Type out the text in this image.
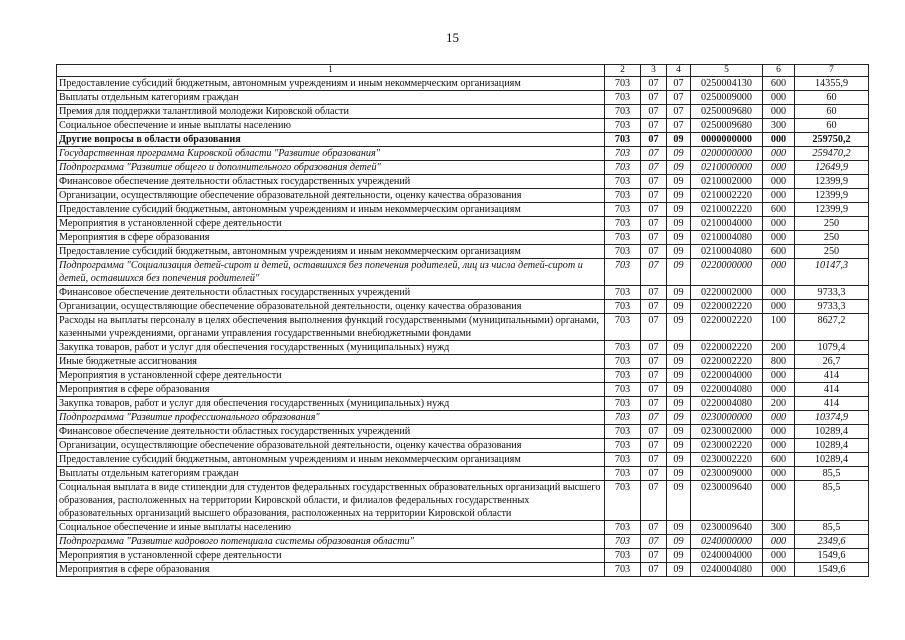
15
1	2	3	4	5	6	7
Предоставление субсидий бюджетным, автономным учреждениям и иным некоммерческим организациям	703	07	07	0250004130	600	14355,9
Выплаты отдельным категориям граждан	703	07	07	0250009000	000	60
Премия для поддержки талантливой молодежи Кировской области	703	07	07	0250009680	000	60
Социальное обеспечение и иные выплаты населению	703	07	07	0250009680	300	60
Другие вопросы в области образования	703	07	09	0000000000	000	259750,2
Государственная программа Кировской области "Развитие образования"	703	07	09	0200000000	000	259470,2
Подпрограмма "Развитие общего и дополнительного образования детей"	703	07	09	0210000000	000	12649,9
Финансовое обеспечение деятельности областных государственных учреждений	703	07	09	0210002000	000	12399,9
Организации, осуществляющие обеспечение образовательной деятельности, оценку качества образования	703	07	09	0210002220	000	12399,9
Предоставление субсидий бюджетным, автономным учреждениям и иным некоммерческим организациям	703	07	09	0210002220	600	12399,9
Мероприятия в установленной сфере деятельности	703	07	09	0210004000	000	250
Мероприятия в сфере образования	703	07	09	0210004080	000	250
Предоставление субсидий бюджетным, автономным учреждениям и иным некоммерческим организациям	703	07	09	0210004080	600	250
Подпрограмма "Социализация детей-сирот и детей, оставшихся без попечения родителей, лиц из числа детей-сирот и детей, оставшихся без попечения родителей"	703	07	09	0220000000	000	10147,3
Финансовое обеспечение деятельности областных государственных учреждений	703	07	09	0220002000	000	9733,3
Организации, осуществляющие обеспечение образовательной деятельности, оценку качества образования	703	07	09	0220002220	000	9733,3
Расходы на выплаты персоналу в целях обеспечения выполнения функций государственными (муниципальными) органами, казенными учреждениями, органами управления государственными внебюджетными фондами	703	07	09	0220002220	100	8627,2
Закупка товаров, работ и услуг для обеспечения государственных (муниципальных) нужд	703	07	09	0220002220	200	1079,4
Иные бюджетные ассигнования	703	07	09	0220002220	800	26,7
Мероприятия в установленной сфере деятельности	703	07	09	0220004000	000	414
Мероприятия в сфере образования	703	07	09	0220004080	000	414
Закупка товаров, работ и услуг для обеспечения государственных (муниципальных) нужд	703	07	09	0220004080	200	414
Подпрограмма "Развитие профессионального образования"	703	07	09	0230000000	000	10374,9
Финансовое обеспечение деятельности областных государственных учреждений	703	07	09	0230002000	000	10289,4
Организации, осуществляющие обеспечение образовательной деятельности, оценку качества образования	703	07	09	0230002220	000	10289,4
Предоставление субсидий бюджетным, автономным учреждениям и иным некоммерческим организациям	703	07	09	0230002220	600	10289,4
Выплаты отдельным категориям граждан	703	07	09	0230009000	000	85,5
Социальная выплата в виде стипендии для студентов федеральных государственных образовательных организаций высшего образования, расположенных на территории Кировской области, и филиалов федеральных государственных образовательных организаций высшего образования, расположенных на территории Кировской области	703	07	09	0230009640	000	85,5
Социальное обеспечение и иные выплаты населению	703	07	09	0230009640	300	85,5
Подпрограмма "Развитие кадрового потенциала системы образования области"	703	07	09	0240000000	000	2349,6
Мероприятия в установленной сфере деятельности	703	07	09	0240004000	000	1549,6
Мероприятия в сфере образования	703	07	09	0240004080	000	1549,6
